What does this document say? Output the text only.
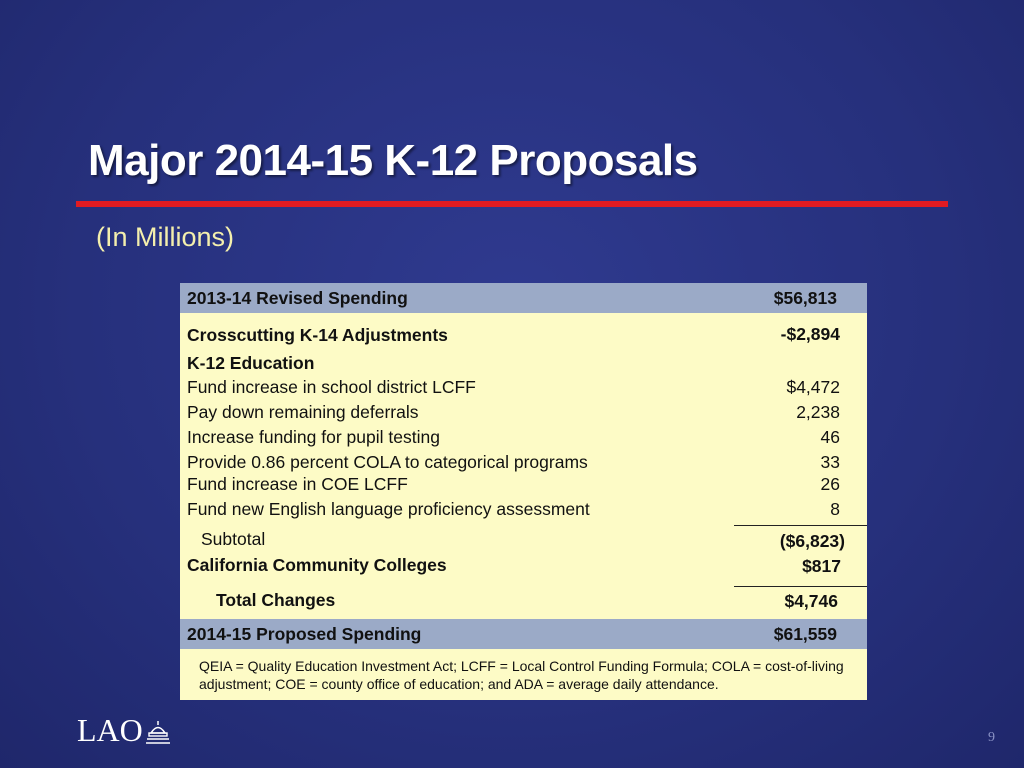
Major 2014-15 K-12 Proposals
(In Millions)
2013-14 Revised Spending	$56,813
Crosscutting K-14 Adjustments	-$2,894
K-12 Education
Fund increase in school district LCFF	$4,472
Pay down remaining deferrals	2,238
Increase funding for pupil testing	46
Provide 0.86 percent COLA to categorical programs	33
Fund increase in COE LCFF	26
Fund new English language proficiency assessment	8
Subtotal	($6,823)
California Community Colleges	$817
Total Changes	$4,746
2014-15 Proposed Spending	$61,559
QEIA = Quality Education Investment Act; LCFF = Local Control Funding Formula; COLA = cost-of-living adjustment; COE = county office of education; and ADA = average daily attendance.
LAO	9
